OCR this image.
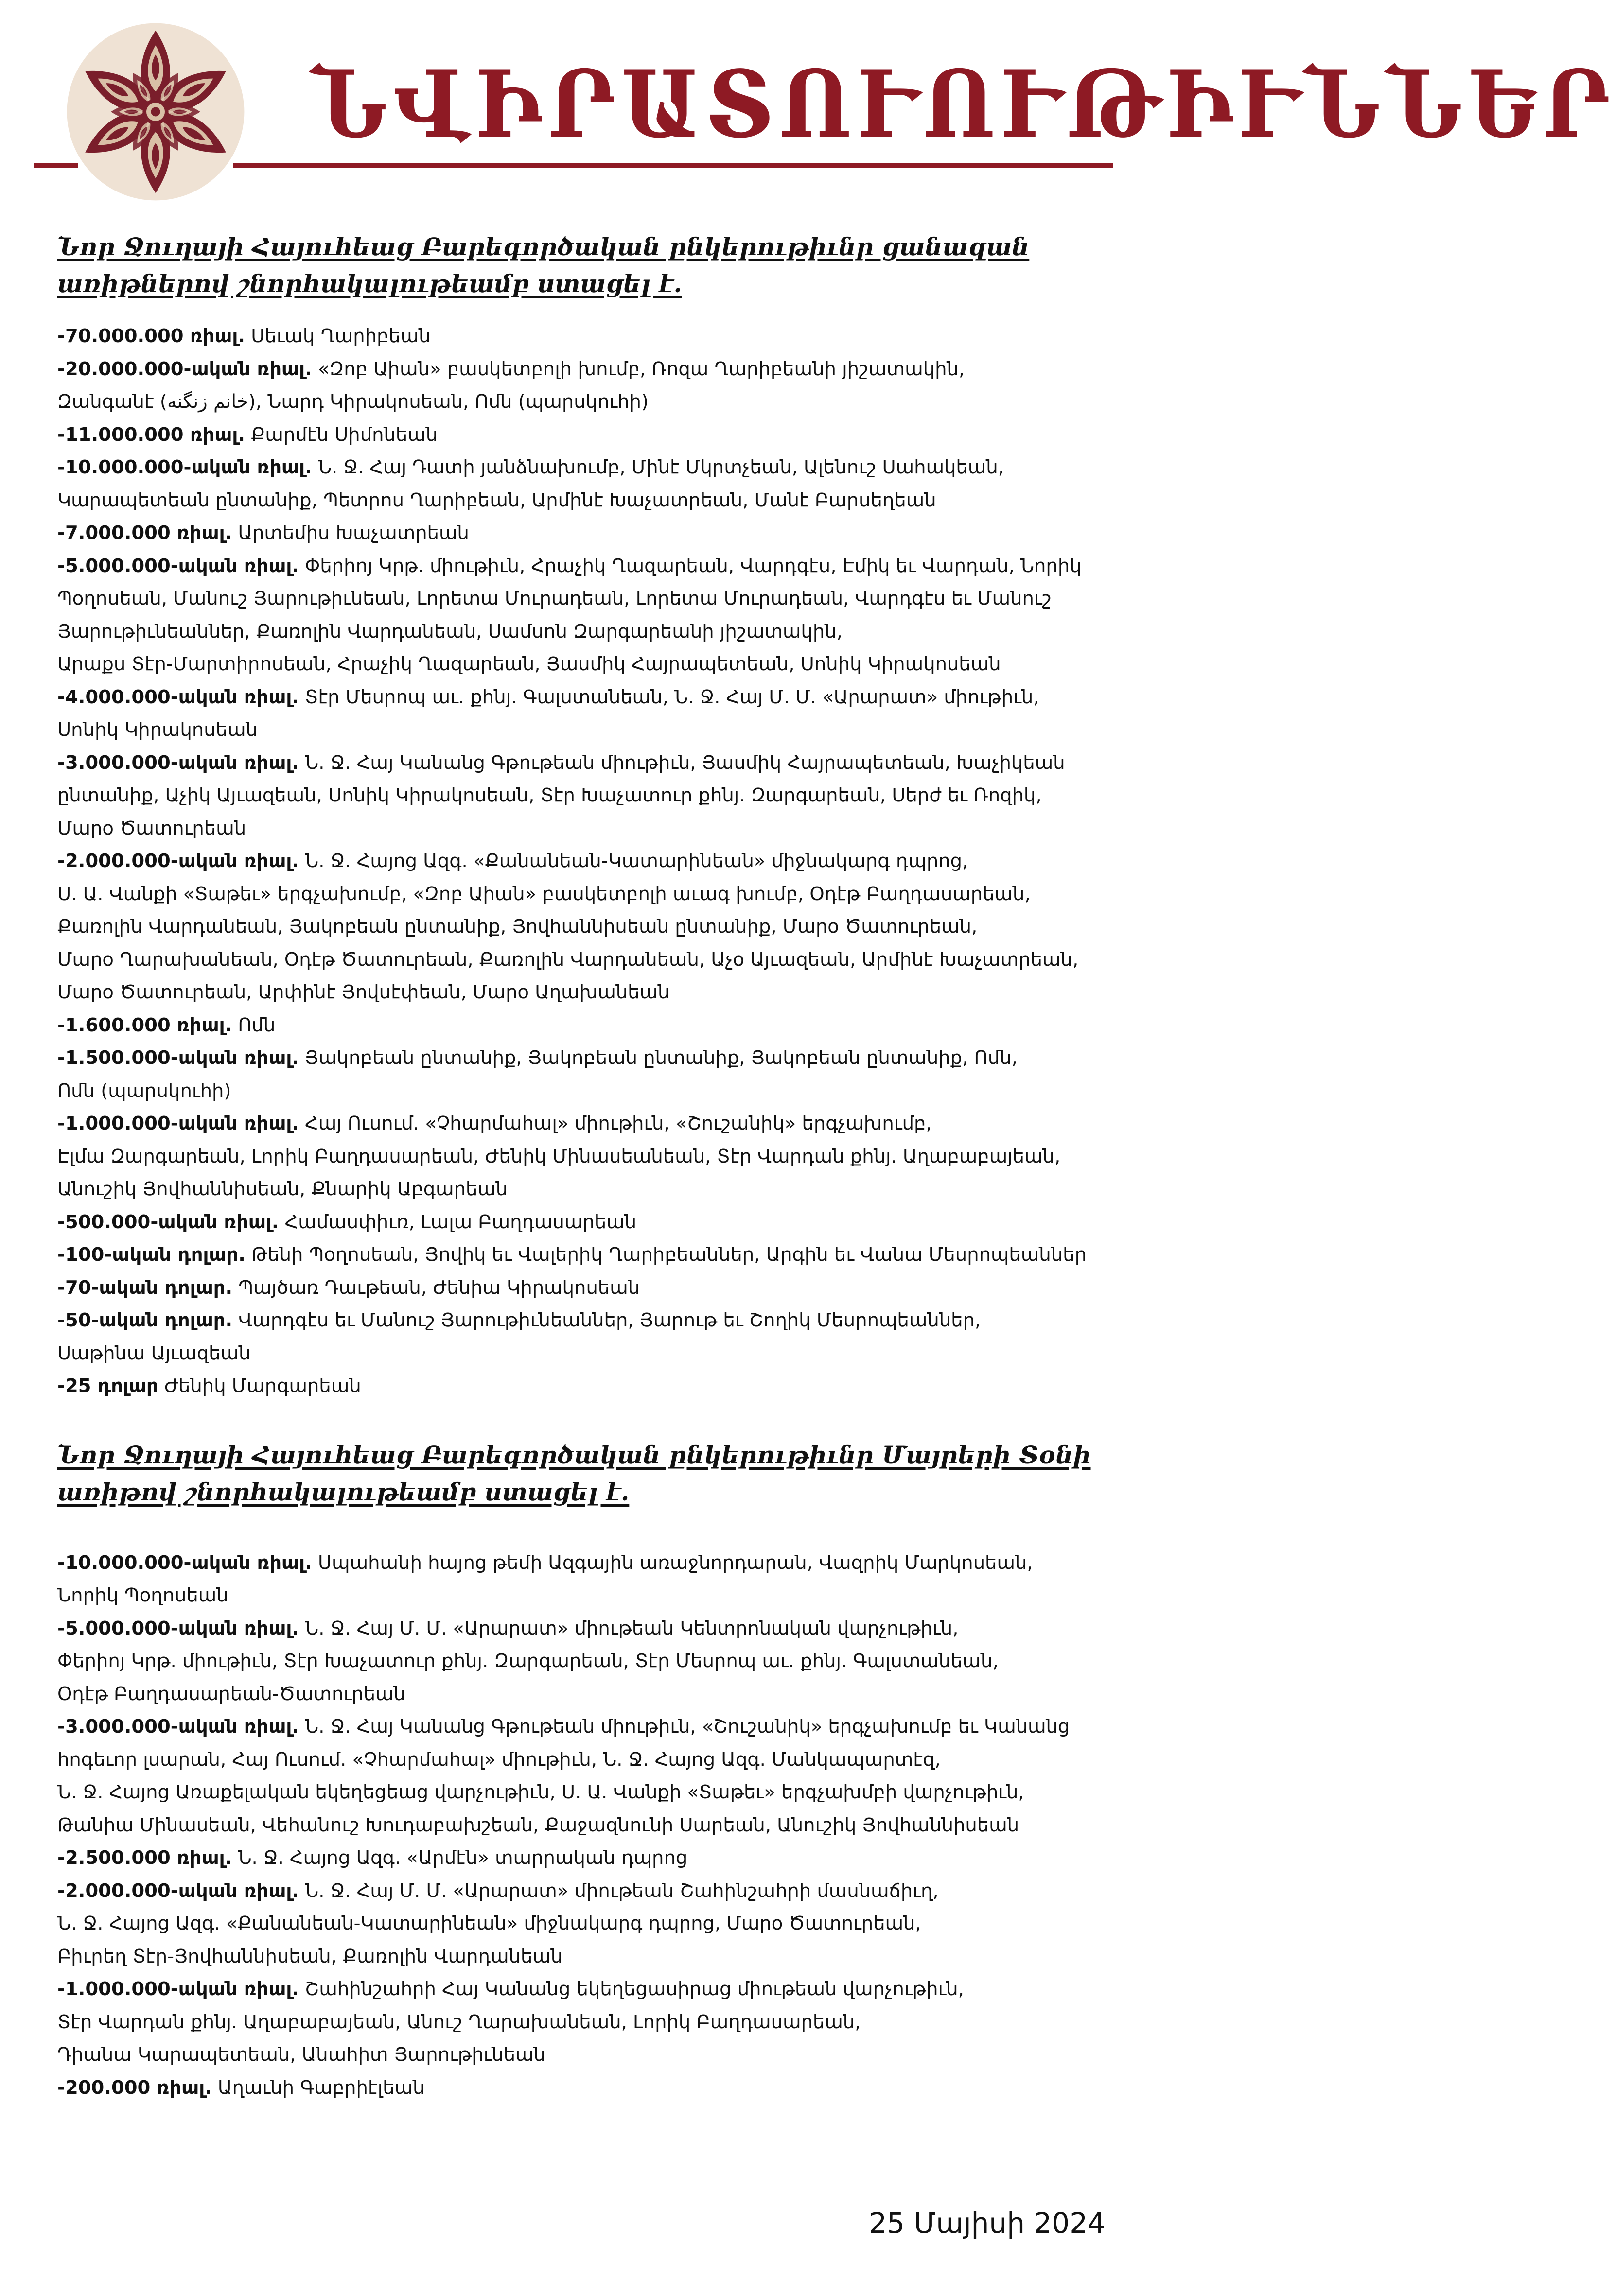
ՆՎԻՐԱՏՈՒՈՒԹԻՒՆՆԵՐ
Նոր Ջուղայի Հայուհեաց Բարեգործական ընկերութիւնր ցանազան առիթներով շնորհակալութեամբ ստացել է.

-70.000.000 ռիալ. Սեւակ Ղարիբեան

-20.000.000-ական ռիալ. «Զոբ Աիան» բասկետբոլի խումբ, Ռոզա Ղարիբեանի յիշատակին,

Զանգանէ (خانم زنگنه), Նարդ Կիրակոսեան, Ոմն (պարսկուհի)

-11.000.000 ռիալ. Քարմէն Սիմոնեան

-10.000.000-ական ռիալ. Ն. Ջ. Հայ Դատի յանձնախումբ, Մինէ Մկրտչեան, Ալենուշ Սահակեան,

Կարապետեան ընտանիք, Պետրոս Ղարիբեան, Արմինէ Խաչատրեան, Մանէ Բարսեղեան

-7.000.000 ռիալ. Արտեմիս Խաչատրեան

-5.000.000-ական ռիալ. Փերիոյ Կրթ. միութիւն, Հրաչիկ Ղազարեան, Վարդգէս, Էմիկ եւ Վարդան, Նորիկ

Պօղոսեան, Մանուշ Յարութիւնեան, Լորետա Մուրադեան, Լորետա Մուրադեան, Վարդգէս եւ Մանուշ

Յարութիւնեաններ, Քառոլին Վարդանեան, Սամսոն Զարգարեանի յիշատակին,

Արաքս Տէր-Մարտիրոսեան, Հրաչիկ Ղազարեան, Յասմիկ Հայրապետեան, Սոնիկ Կիրակոսեան

-4.000.000-ական ռիալ. Տէր Մեսրոպ աւ. քհնյ. Գալստանեան, Ն. Ջ. Հայ Մ. Մ. «Արարատ» միութիւն,

Սոնիկ Կիրակոսեան

-3.000.000-ական ռիալ. Ն. Ջ. Հայ Կանանց Գթութեան միութիւն, Յասմիկ Հայրապետեան, Խաչիկեան

ընտանիք, Աչիկ Այւազեան, Սոնիկ Կիրակոսեան, Տէր Խաչատուր քհնյ. Զարգարեան, Սերժ եւ Ռոզիկ,

Մարօ Ծատուրեան

-2.000.000-ական ռիալ. Ն. Ջ. Հայոց Ազգ. «Քանանեան-Կատարինեան» միջնակարգ դպրոց,

Ս. Ա. Վանքի «Տաթեւ» երգչախումբ, «Զոբ Աիան» բասկետբոլի աւագ խումբ, Օդէթ Բաղդասարեան,

Քառոլին Վարդանեան, Յակոբեան ընտանիք, Յովհաննիսեան ընտանիք, Մարօ Ծատուրեան,

Մարօ Ղարախանեան, Օդէթ Ծատուրեան, Քառոլին Վարդանեան, Աչօ Այւազեան, Արմինէ Խաչատրեան,

Մարօ Ծատուրեան, Արփինէ Յովսէփեան, Մարօ Աղախանեան

-1.600.000 ռիալ. Ոմն

-1.500.000-ական ռիալ. Յակոբեան ընտանիք, Յակոբեան ընտանիք, Յակոբեան ընտանիք, Ոմն,

Ոմն (պարսկուհի)

-1.000.000-ական ռիալ. Հայ Ուսում. «Չհարմահալ» միութիւն, «Շուշանիկ» երգչախումբ,

Էլմա Զարգարեան, Լորիկ Բաղդասարեան, Ժենիկ Մինասեանեան, Տէր Վարդան քհնյ. Աղաբաբայեան,

Անուշիկ Յովհաննիսեան, Քնարիկ Աբգարեան

-500.000-ական ռիալ. Համասփիւռ, Լալա Բաղդասարեան

-100-ական դոլար. Թենի Պօղոսեան, Յովիկ եւ Վալերիկ Ղարիբեաններ, Արգին եւ Վանա Մեսրոպեաններ

-70-ական դոլար. Պայծառ Դաւթեան, Ժենիա Կիրակոսեան

-50-ական դոլար. Վարդգէս եւ Մանուշ Յարութիւնեաններ, Յարութ եւ Շողիկ Մեսրոպեաններ,

Սաթինա Այւազեան

-25 դոլար Ժենիկ Մարգարեան

Նոր Ջուղայի Հայուհեաց Բարեգործական ընկերութիւնր Մայրերի Տօնի առիթով շնորհակալութեամբ ստացել է.

-10.000.000-ական ռիալ. Սպահանի հայոց թեմի Ազգային առաջնորդարան, Վազրիկ Մարկոսեան,

Նորիկ Պօղոսեան

-5.000.000-ական ռիալ. Ն. Ջ. Հայ Մ. Մ. «Արարատ» միութեան Կենտրոնական վարչութիւն,

Փերիոյ Կրթ. միութիւն, Տէր Խաչատուր քհնյ. Զարգարեան, Տէր Մեսրոպ աւ. քհնյ. Գալստանեան,

Օդէթ Բաղդասարեան-Ծատուրեան

-3.000.000-ական ռիալ. Ն. Ջ. Հայ Կանանց Գթութեան միութիւն, «Շուշանիկ» երգչախումբ եւ Կանանց

հոգեւոր լսարան, Հայ Ուսում. «Չհարմահալ» միութիւն, Ն. Ջ. Հայոց Ազգ. Մանկապարտէզ,

Ն. Ջ. Հայոց Առաքելական եկեղեցեաց վարչութիւն, Ս. Ա. Վանքի «Տաթեւ» երգչախմբի վարչութիւն,

Թանիա Մինասեան, Վեհանուշ Խուդաբախշեան, Քաջազնունի Սարեան, Անուշիկ Յովհաննիսեան

-2.500.000 ռիալ. Ն. Ջ. Հայոց Ազգ. «Արմէն» տարրական դպրոց

-2.000.000-ական ռիալ. Ն. Ջ. Հայ Մ. Մ. «Արարատ» միութեան Շահինշահրի մասնաճիւղ,

Ն. Ջ. Հայոց Ազգ. «Քանանեան-Կատարինեան» միջնակարգ դպրոց, Մարօ Ծատուրեան,

Բիւրեղ Տէր-Յովհաննիսեան, Քառոլին Վարդանեան

-1.000.000-ական ռիալ. Շահինշահրի Հայ Կանանց եկեղեցասիրաց միութեան վարչութիւն,

Տէր Վարդան քհնյ. Աղաբաբայեան, Անուշ Ղարախանեան, Լորիկ Բաղդասարեան,

Դիանա Կարապետեան, Անահիտ Յարութիւնեան

-200.000 ռիալ. Աղաւնի Գաբրիէլեան

25 Մայիսի 2024
